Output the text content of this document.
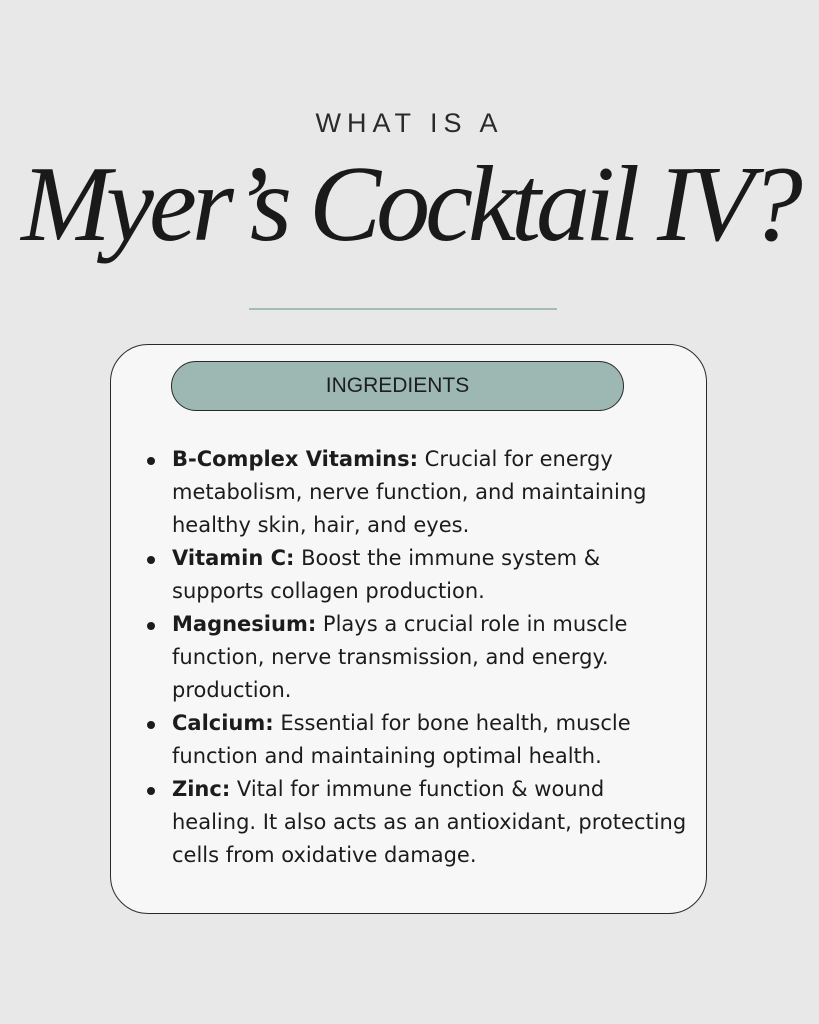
WHAT IS A
Myer’s Cocktail IV?
INGREDIENTS
B-Complex Vitamins: Crucial for energy metabolism, nerve function, and maintaining healthy skin, hair, and eyes.
Vitamin C: Boost the immune system & supports collagen production.
Magnesium: Plays a crucial role in muscle function, nerve transmission, and energy. production.
Calcium: Essential for bone health, muscle function and maintaining optimal health.
Zinc: Vital for immune function & wound healing. It also acts as an antioxidant, protecting cells from oxidative damage.
